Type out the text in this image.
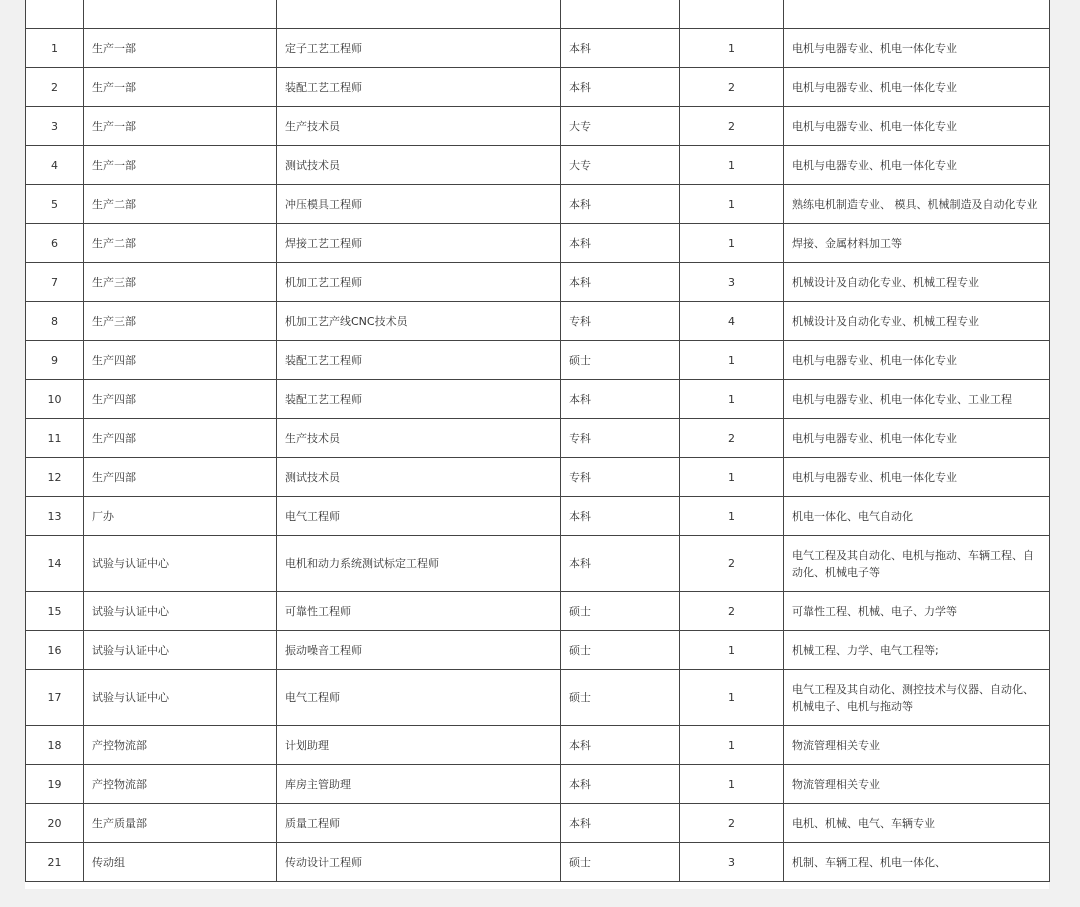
1	生产一部	定子工艺工程师	本科	1	电机与电器专业、机电一体化专业
2	生产一部	装配工艺工程师	本科	2	电机与电器专业、机电一体化专业
3	生产一部	生产技术员	大专	2	电机与电器专业、机电一体化专业
4	生产一部	测试技术员	大专	1	电机与电器专业、机电一体化专业
5	生产二部	冲压模具工程师	本科	1	熟练电机制造专业、 模具、机械制造及自动化专业
6	生产二部	焊接工艺工程师	本科	1	焊接、金属材料加工等
7	生产三部	机加工艺工程师	本科	3	机械设计及自动化专业、机械工程专业
8	生产三部	机加工艺产线CNC技术员	专科	4	机械设计及自动化专业、机械工程专业
9	生产四部	装配工艺工程师	硕士	1	电机与电器专业、机电一体化专业
10	生产四部	装配工艺工程师	本科	1	电机与电器专业、机电一体化专业、工业工程
11	生产四部	生产技术员	专科	2	电机与电器专业、机电一体化专业
12	生产四部	测试技术员	专科	1	电机与电器专业、机电一体化专业
13	厂办	电气工程师	本科	1	机电一体化、电气自动化
14	试验与认证中心	电机和动力系统测试标定工程师	本科	2	电气工程及其自动化、电机与拖动、车辆工程、自动化、机械电子等
15	试验与认证中心	可靠性工程师	硕士	2	可靠性工程、机械、电子、力学等
16	试验与认证中心	振动噪音工程师	硕士	1	机械工程、力学、电气工程等;
17	试验与认证中心	电气工程师	硕士	1	电气工程及其自动化、测控技术与仪器、自动化、机械电子、电机与拖动等
18	产控物流部	计划助理	本科	1	物流管理相关专业
19	产控物流部	库房主管助理	本科	1	物流管理相关专业
20	生产质量部	质量工程师	本科	2	电机、机械、电气、车辆专业
21	传动组	传动设计工程师	硕士	3	机制、车辆工程、机电一体化、
